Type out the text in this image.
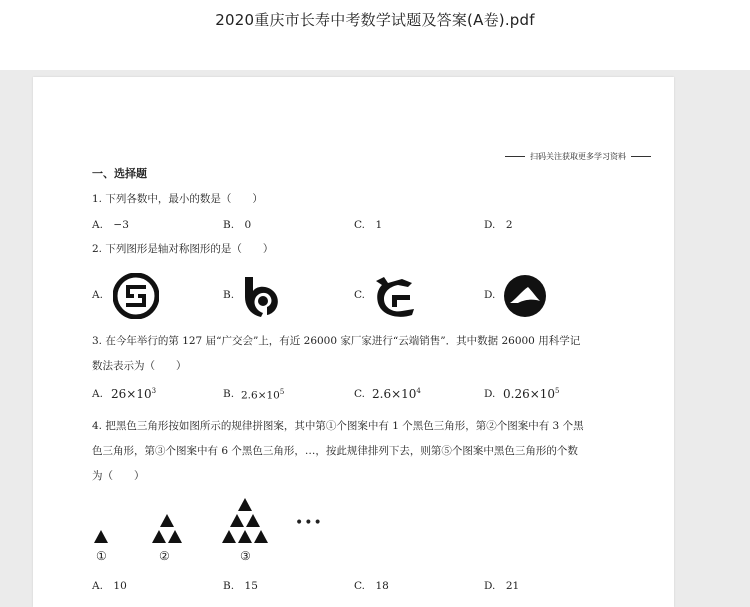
2020重庆市长寿中考数学试题及答案(A卷).pdf
扫码关注获取更多学习资料
一、选择题
1. 下列各数中，最小的数是（　　）
A.　−3	B.　0	C.　1	D.　2
2. 下列图形是轴对称图形的是（　　）
A.	B.	C.	D.
3. 在今年举行的第 127 届“广交会”上，有近 26000 家厂家进行“云端销售”．其中数据 26000 用科学记
数法表示为（　　）
A. $26\times 10^3$	B. $2.6\times 10^5$	C. $2.6\times 10^4$	D. $0.26\times 10^5$
4. 把黑色三角形按如图所示的规律拼图案，其中第①个图案中有 1 个黑色三角形，第②个图案中有 3 个黑
色三角形，第③个图案中有 6 个黑色三角形，…，按此规律排列下去，则第⑤个图案中黑色三角形的个数
为（　　）
•••
①	②	③
A.　10	B.　15	C.　18	D.　21
